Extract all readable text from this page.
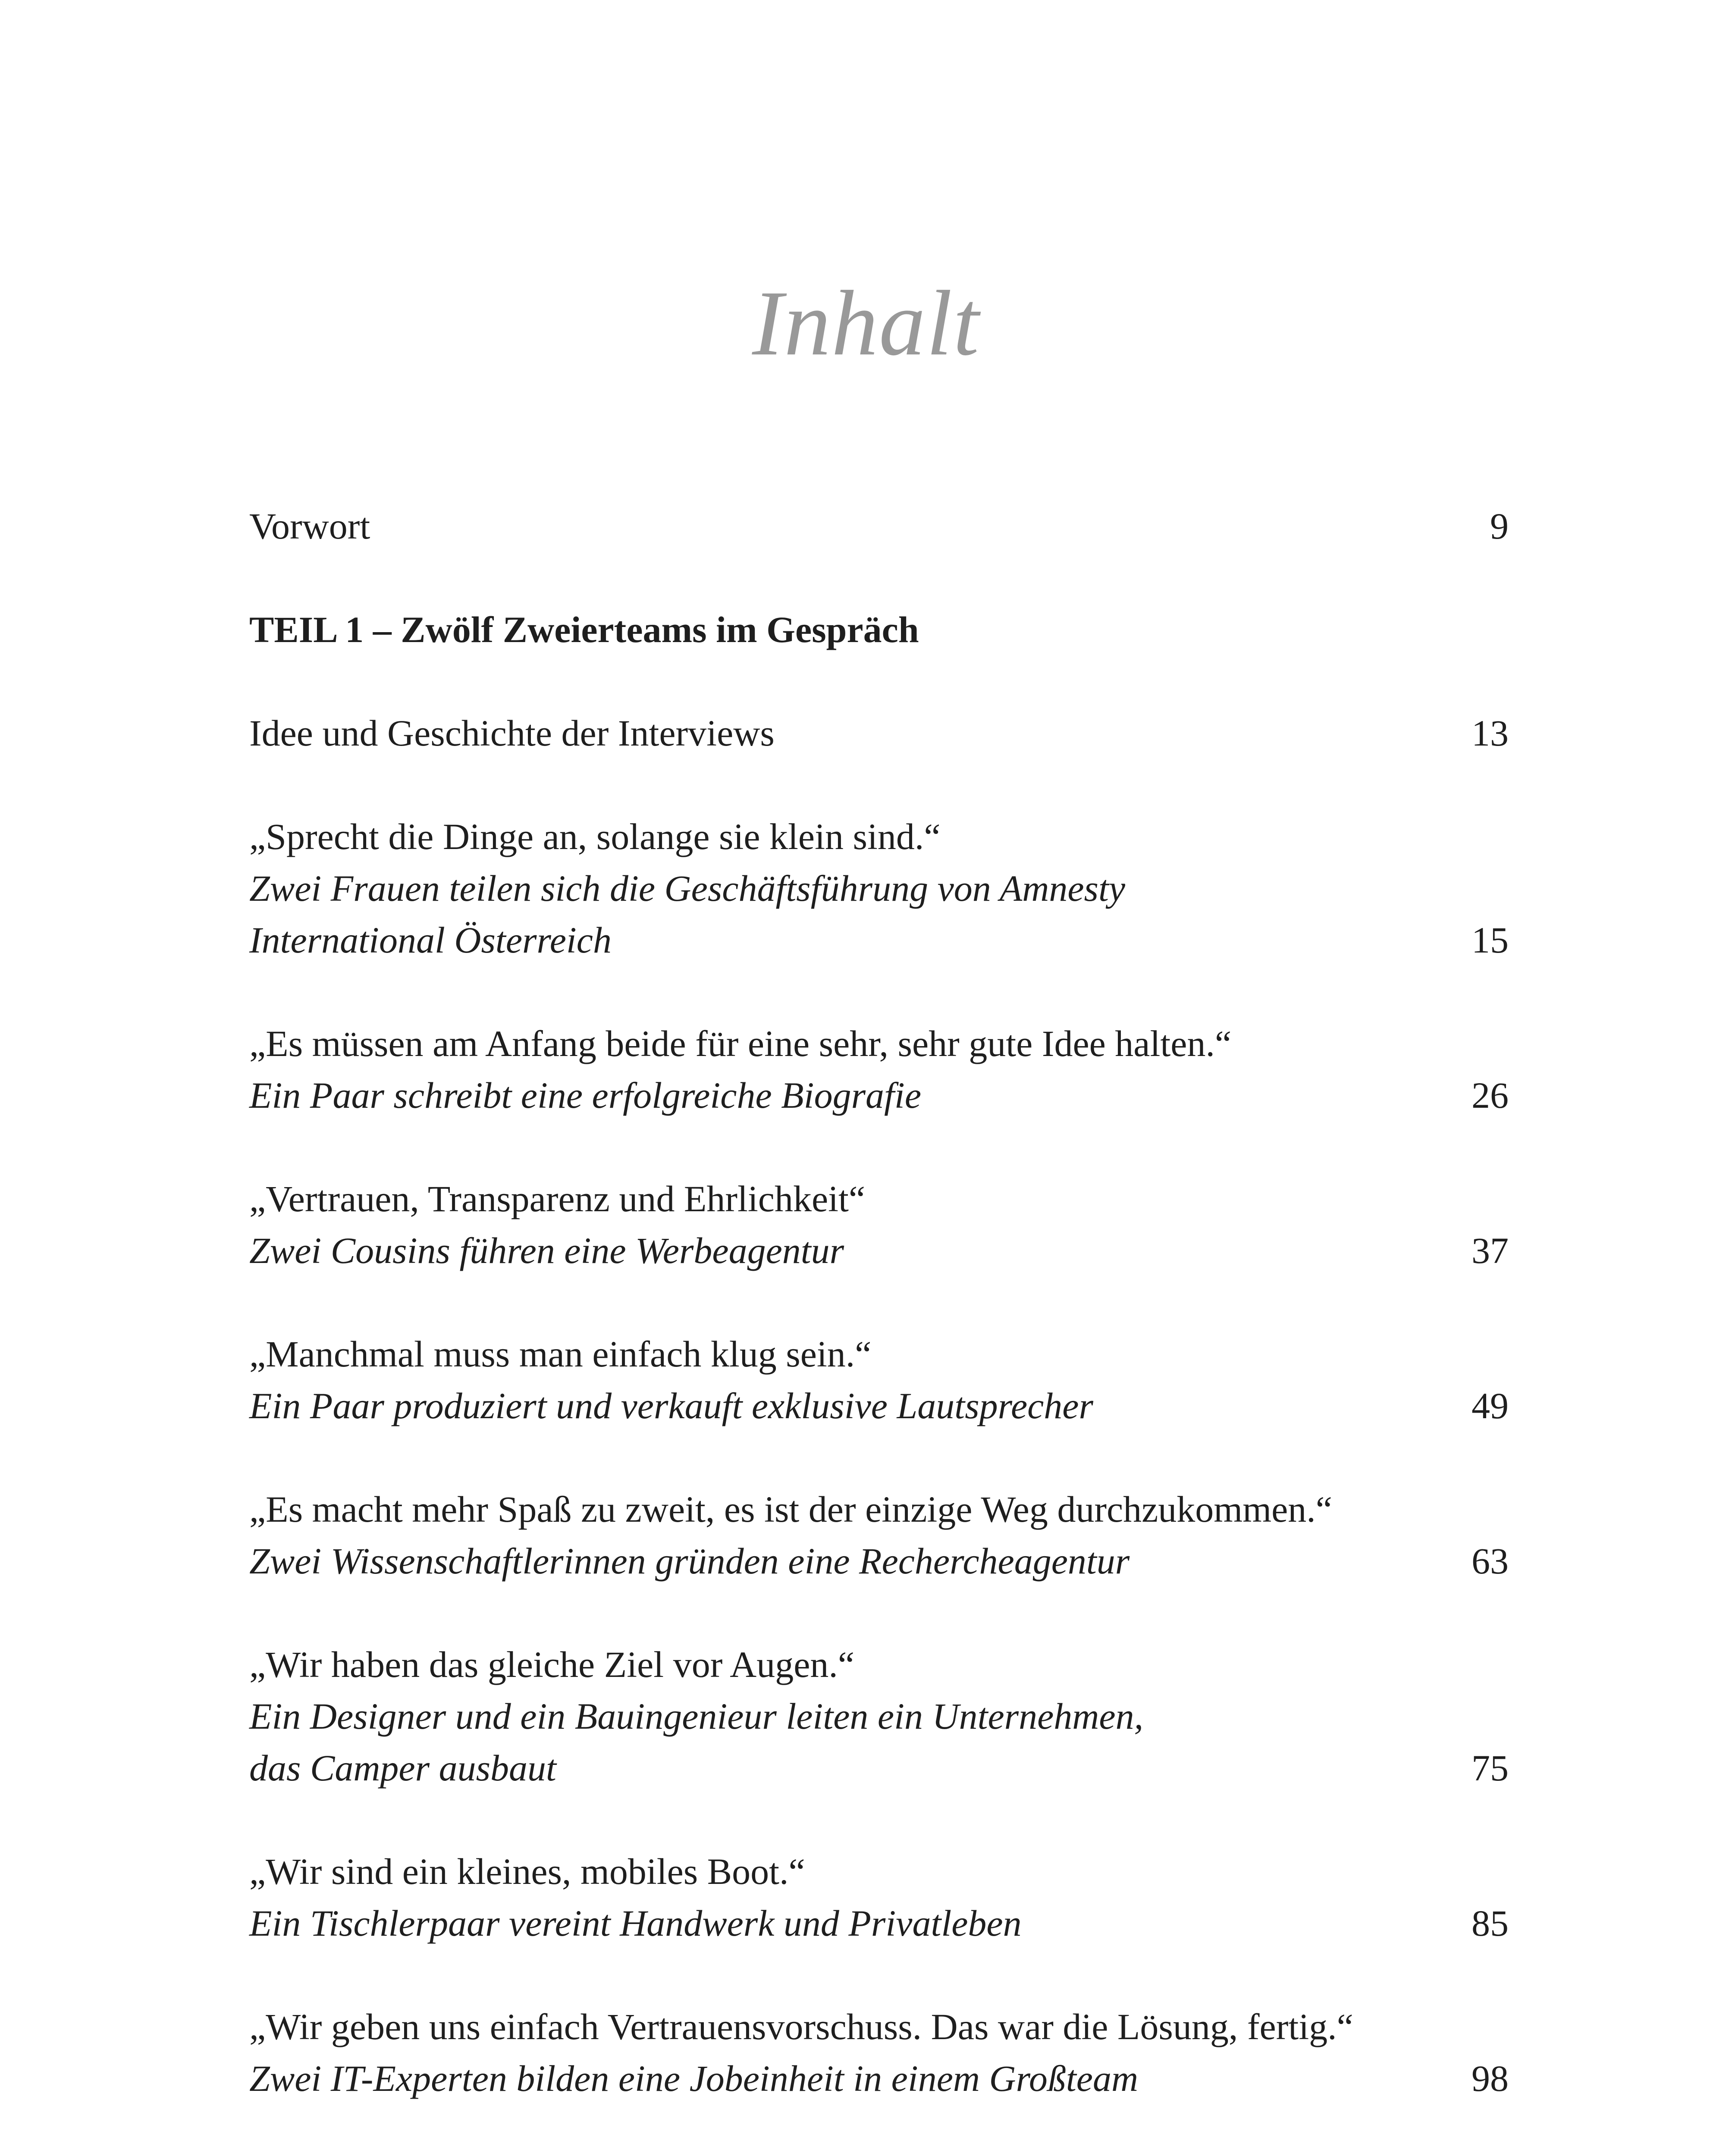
Inhalt
Vorwort	9
TEIL 1 – Zwölf Zweierteams im Gespräch
Idee und Geschichte der Interviews	13
„Sprecht die Dinge an, solange sie klein sind.“
Zwei Frauen teilen sich die Geschäftsführung von Amnesty
International Österreich	15
„Es müssen am Anfang beide für eine sehr, sehr gute Idee halten.“
Ein Paar schreibt eine erfolgreiche Biografie	26
„Vertrauen, Transparenz und Ehrlichkeit“
Zwei Cousins führen eine Werbeagentur	37
„Manchmal muss man einfach klug sein.“
Ein Paar produziert und verkauft exklusive Lautsprecher	49
„Es macht mehr Spaß zu zweit, es ist der einzige Weg durchzukommen.“
Zwei Wissenschaftlerinnen gründen eine Rechercheagentur	63
„Wir haben das gleiche Ziel vor Augen.“
Ein Designer und ein Bauingenieur leiten ein Unternehmen,
das Camper ausbaut	75
„Wir sind ein kleines, mobiles Boot.“
Ein Tischlerpaar vereint Handwerk und Privatleben	85
„Wir geben uns einfach Vertrauensvorschuss. Das war die Lösung, fertig.“
Zwei IT-Experten bilden eine Jobeinheit in einem Großteam	98
